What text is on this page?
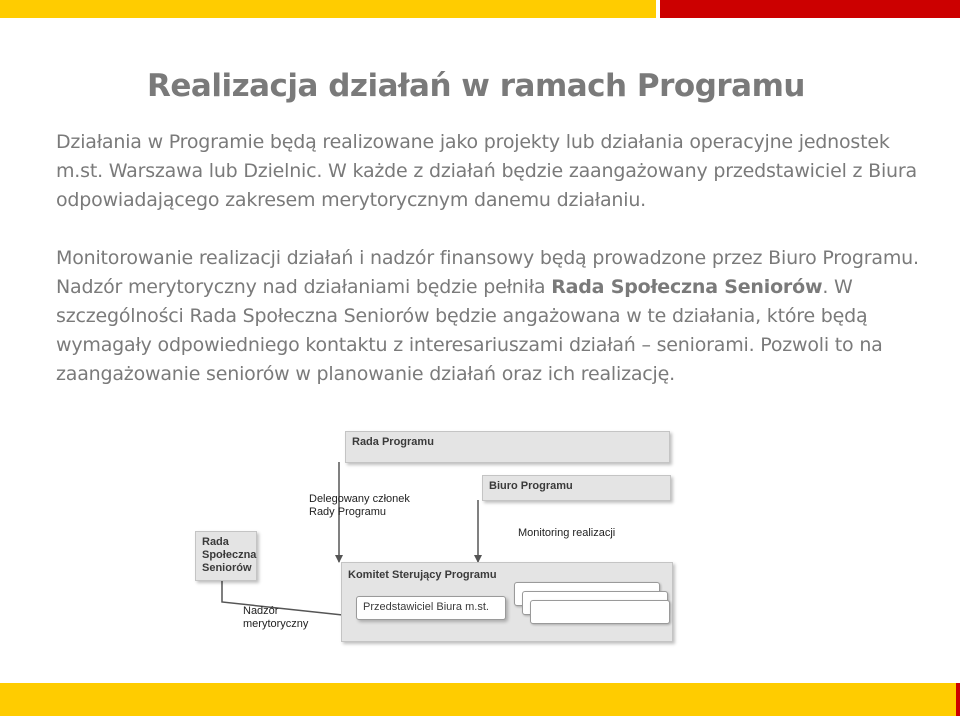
Realizacja działań w ramach Programu

Działania w Programie będą realizowane jako projekty lub działania operacyjne jednostek m.st. Warszawa lub Dzielnic. W każde z działań będzie zaangażowany przedstawiciel z Biura odpowiadającego zakresem merytorycznym danemu działaniu.

Monitorowanie realizacji działań i nadzór finansowy będą prowadzone przez Biuro Programu. Nadzór merytoryczny nad działaniami będzie pełniła Rada Społeczna Seniorów. W szczególności Rada Społeczna Seniorów będzie angażowana w te działania, które będą wymagały odpowiedniego kontaktu z interesariuszami działań – seniorami. Pozwoli to na zaangażowanie seniorów w planowanie działań oraz ich realizację.

Rada Programu
Biuro Programu
Delegowany członek
Rady Programu
Monitoring realizacji
Rada
Społeczna
Seniorów
Komitet Sterujący Programu
Przedstawiciel Biura m.st.
Nadzór
merytoryczny
